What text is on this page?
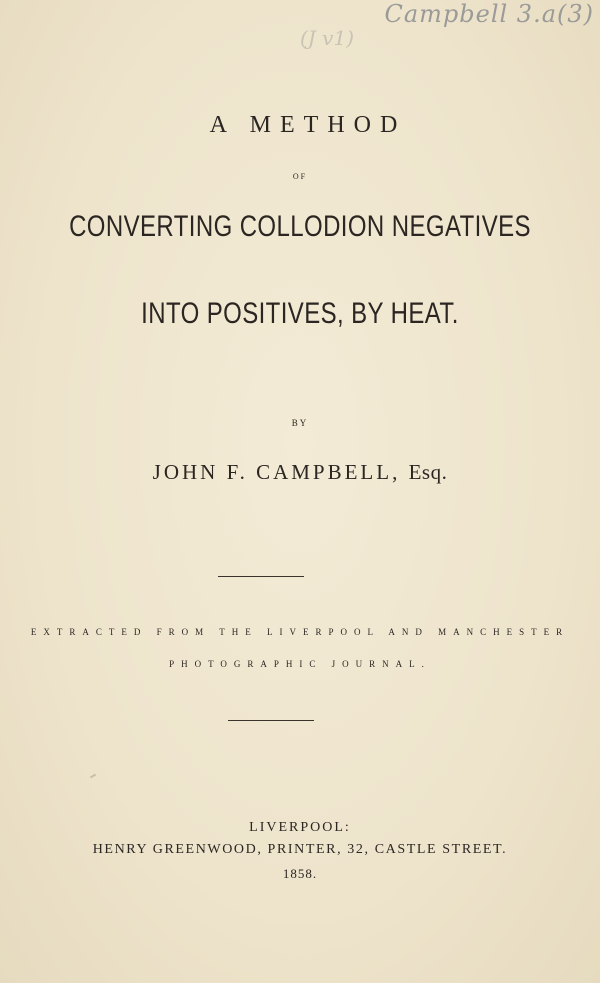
Campbell 3.a(3)
(J v1)
A METHOD
OF
CONVERTING COLLODION NEGATIVES
INTO POSITIVES, BY HEAT.
BY
JOHN F. CAMPBELL, Esq.
EXTRACTED FROM THE LIVERPOOL AND MANCHESTER
PHOTOGRAPHIC JOURNAL.
LIVERPOOL:
HENRY GREENWOOD, PRINTER, 32, CASTLE STREET.
1858.
